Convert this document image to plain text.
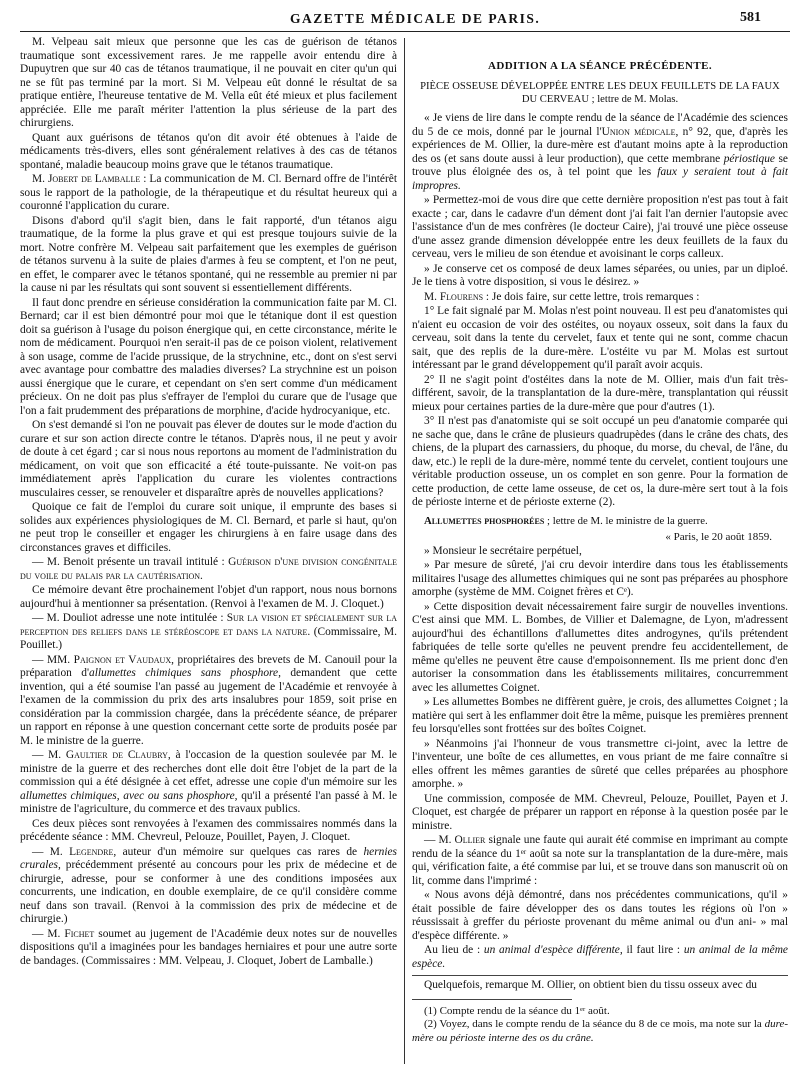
GAZETTE MÉDICALE DE PARIS.	581

M. Velpeau sait mieux que personne que les cas de guérison de tétanos traumatique sont excessivement rares. Je me rappelle avoir entendu dire à Dupuytren que sur 40 cas de tétanos traumatique, il ne pouvait en citer qu'un qui ne se fût pas terminé par la mort. Si M. Velpeau eût donné le résultat de sa pratique entière, l'heureuse tentative de M. Vella eût été mieux et plus facilement appréciée. Elle me paraît mériter l'attention la plus sérieuse de la part des chirurgiens.

Quant aux guérisons de tétanos qu'on dit avoir été obtenues à l'aide de médicaments très-divers, elles sont généralement relatives à des cas de tétanos spontané, maladie beaucoup moins grave que le tétanos traumatique.

M. Jobert de Lamballe : La communication de M. Cl. Bernard offre de l'intérêt sous le rapport de la pathologie, de la thérapeutique et du résultat heureux qui a couronné l'application du curare.

Disons d'abord qu'il s'agit bien, dans le fait rapporté, d'un tétanos aigu traumatique, de la forme la plus grave et qui est presque toujours suivie de la mort. Notre confrère M. Velpeau sait parfaitement que les exemples de guérison de tétanos survenu à la suite de plaies d'armes à feu se comptent, et l'on ne peut, en effet, le comparer avec le tétanos spontané, qui ne ressemble au premier ni par la cause ni par les résultats qui sont souvent si essentiellement différents.

Il faut donc prendre en sérieuse considération la communication faite par M. Cl. Bernard; car il est bien démontré pour moi que le tétanique dont il est question doit sa guérison à l'usage du poison énergique qui, en cette circonstance, mérite le nom de médicament. Pourquoi n'en serait-il pas de ce poison violent, relativement à son usage, comme de l'acide prussique, de la strychnine, etc., dont on s'est servi avec avantage pour combattre des maladies diverses? La strychnine est un poison aussi énergique que le curare, et cependant on s'en sert comme d'un médicament précieux. On ne doit pas plus s'effrayer de l'emploi du curare que de l'usage que l'on a fait prudemment des préparations de morphine, d'acide hydrocyanique, etc.

On s'est demandé si l'on ne pouvait pas élever de doutes sur le mode d'action du curare et sur son action directe contre le tétanos. D'après nous, il ne peut y avoir de doute à cet égard ; car si nous nous reportons au moment de l'administration du médicament, on voit que son efficacité a été toute-puissante. Ne voit-on pas immédiatement après l'application du curare les violentes contractions musculaires cesser, se renouveler et disparaître après de nouvelles applications?

Quoique ce fait de l'emploi du curare soit unique, il emprunte des bases si solides aux expériences physiologiques de M. Cl. Bernard, et parle si haut, qu'on ne peut trop le conseiller et engager les chirurgiens à en faire usage dans des circonstances graves et difficiles.

— M. Benoit présente un travail intitulé : Guérison d'une division congénitale du voile du palais par la cautérisation.

Ce mémoire devant être prochainement l'objet d'un rapport, nous nous bornons aujourd'hui à mentionner sa présentation. (Renvoi à l'examen de M. J. Cloquet.)

— M. Douliot adresse une note intitulée : Sur la vision et spécialement sur la perception des reliefs dans le stéréoscope et dans la nature. (Commissaire, M. Pouillet.)

— MM. Paignon et Vaudaux, propriétaires des brevets de M. Canouil pour la préparation d'allumettes chimiques sans phosphore, demandent que cette invention, qui a été soumise l'an passé au jugement de l'Académie et renvoyée à l'examen de la commission du prix des arts insalubres pour 1859, soit prise en considération par la commission chargée, dans la précédente séance, de préparer un rapport en réponse à une question concernant cette sorte de produits posée par M. le ministre de la guerre.

— M. Gaultier de Claubry, à l'occasion de la question soulevée par M. le ministre de la guerre et des recherches dont elle doit être l'objet de la part de la commission qui a été désignée à cet effet, adresse une copie d'un mémoire sur les allumettes chimiques, avec ou sans phosphore, qu'il a présenté l'an passé à M. le ministre de l'agriculture, du commerce et des travaux publics.

Ces deux pièces sont renvoyées à l'examen des commissaires nommés dans la précédente séance : MM. Chevreul, Pelouze, Pouillet, Payen, J. Cloquet.

— M. Legendre, auteur d'un mémoire sur quelques cas rares de hernies crurales, précédemment présenté au concours pour les prix de médecine et de chirurgie, adresse, pour se conformer à une des conditions imposées aux concurrents, une indication, en double exemplaire, de ce qu'il considère comme neuf dans son travail. (Renvoi à la commission des prix de médecine et de chirurgie.)

— M. Fichet soumet au jugement de l'Académie deux notes sur de nouvelles dispositions qu'il a imaginées pour les bandages herniaires et pour une autre sorte de bandages. (Commissaires : MM. Velpeau, J. Cloquet, Jobert de Lamballe.)

ADDITION A LA SÉANCE PRÉCÉDENTE.
PIÈCE OSSEUSE DÉVELOPPÉE ENTRE LES DEUX FEUILLETS DE LA FAUX DU CERVEAU ; lettre de M. Molas.

« Je viens de lire dans le compte rendu de la séance de l'Académie des sciences du 5 de ce mois, donné par le journal l'Union médicale, n° 92, que, d'après les expériences de M. Ollier, la dure-mère est d'autant moins apte à la reproduction des os (et sans doute aussi à leur production), que cette membrane périostique se trouve plus éloignée des os, à tel point que les faux y seraient tout à fait impropres.

» Permettez-moi de vous dire que cette dernière proposition n'est pas tout à fait exacte ; car, dans le cadavre d'un dément dont j'ai fait l'an dernier l'autopsie avec l'assistance d'un de mes confrères (le docteur Caire), j'ai trouvé une pièce osseuse d'une assez grande dimension développée entre les deux feuillets de la faux du cerveau, vers le milieu de son étendue et avoisinant le corps calleux.

» Je conserve cet os composé de deux lames séparées, ou unies, par un diploé. Je le tiens à votre disposition, si vous le désirez. »

M. Flourens : Je dois faire, sur cette lettre, trois remarques :

1° Le fait signalé par M. Molas n'est point nouveau. Il est peu d'anatomistes qui n'aient eu occasion de voir des ostéites, ou noyaux osseux, soit dans la faux du cerveau, soit dans la tente du cervelet, faux et tente qui ne sont, comme chacun sait, que des replis de la dure-mère. L'ostéite vu par M. Molas est surtout intéressant par le grand développement qu'il paraît avoir acquis.

2° Il ne s'agit point d'ostéites dans la note de M. Ollier, mais d'un fait très-différent, savoir, de la transplantation de la dure-mère, transplantation qui réussit mieux pour certaines parties de la dure-mère que pour d'autres (1).

3° Il n'est pas d'anatomiste qui se soit occupé un peu d'anatomie comparée qui ne sache que, dans le crâne de plusieurs quadrupèdes (dans le crâne des chats, des chiens, de la plupart des carnassiers, du phoque, du morse, du cheval, de l'âne, du daw, etc.) le repli de la dure-mère, nommé tente du cervelet, contient toujours une véritable production osseuse, un os complet en son genre. Pour la formation de cette production, de cette lame osseuse, de cet os, la dure-mère sert tout à la fois de périoste interne et de périoste externe (2).

Allumettes phosphorées ; lettre de M. le ministre de la guerre.
« Paris, le 20 août 1859.

» Monsieur le secrétaire perpétuel,

» Par mesure de sûreté, j'ai cru devoir interdire dans tous les établissements militaires l'usage des allumettes chimiques qui ne sont pas préparées au phosphore amorphe (système de MM. Coignet frères et Cᵉ).

» Cette disposition devait nécessairement faire surgir de nouvelles inventions. C'est ainsi que MM. L. Bombes, de Villier et Dalemagne, de Lyon, m'adressent aujourd'hui des échantillons d'allumettes dites androgynes, qu'ils prétendent fabriquées de telle sorte qu'elles ne peuvent prendre feu accidentellement, de même qu'elles ne peuvent être cause d'empoisonnement. Ils me prient donc d'en autoriser la consommation dans les établissements militaires, concurremment avec les allumettes Coignet.

» Les allumettes Bombes ne diffèrent guère, je crois, des allumettes Coignet ; la matière qui sert à les enflammer doit être la même, puisque les premières prennent feu lorsqu'elles sont frottées sur des boîtes Coignet.

» Néanmoins j'ai l'honneur de vous transmettre ci-joint, avec la lettre de l'inventeur, une boîte de ces allumettes, en vous priant de me faire connaître si elles offrent les mêmes garanties de sûreté que celles préparées au phosphore amorphe. »

Une commission, composée de MM. Chevreul, Pelouze, Pouillet, Payen et J. Cloquet, est chargée de préparer un rapport en réponse à la question posée par le ministre.

— M. Ollier signale une faute qui aurait été commise en imprimant au compte rendu de la séance du 1ᵉʳ août sa note sur la transplantation de la dure-mère, mais qui, vérification faite, a été commise par lui, et se trouve dans son manuscrit où on lit, comme dans l'imprimé :

« Nous avons déjà démontré, dans nos précédentes communications, qu'il » était possible de faire développer des os dans toutes les régions où l'on » réussissait à greffer du périoste provenant du même animal ou d'un ani- » mal d'espèce différente. »

Au lieu de : un animal d'espèce différente, il faut lire : un animal de la même espèce.

Quelquefois, remarque M. Ollier, on obtient bien du tissu osseux avec du

(1) Compte rendu de la séance du 1ᵉʳ août.

(2) Voyez, dans le compte rendu de la séance du 8 de ce mois, ma note sur la dure-mère ou périoste interne des os du crâne.
